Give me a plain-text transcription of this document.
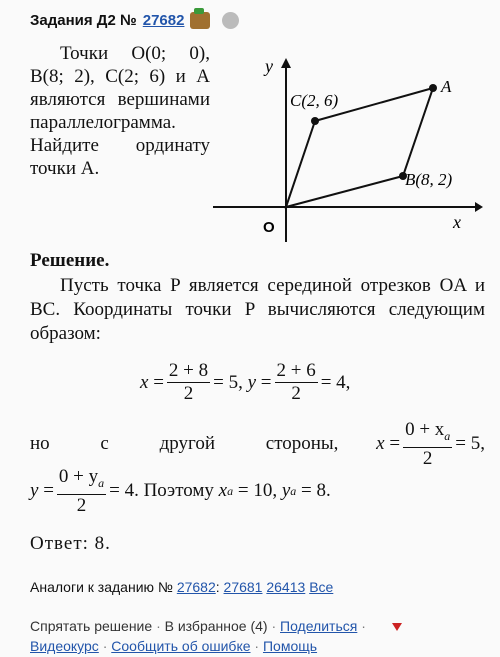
Задания Д2 № 27682

Точки O(0; 0), B(8; 2), C(2; 6) и A являются вершинами параллелограмма. Найдите ординату точки A.

C(2, 6)
A
B(8, 2)
O	x
y
Решение.

Пусть точка P является серединой отрезков OA и BC. Координаты точки P вычисляются следующим образом:

$x = \frac{2 + 8}{2} = 5$,
$y = \frac{2 + 6}{2} = 4$,
но с другой стороны, $x = \frac{0 + x_a}{2} = 5$,
$y = \frac{0 + y_a}{2} = 4$. Поэтому
x a
= 10,
y a
= 8.
Ответ: 8.
Аналоги к заданию № 27682: 27681 26413 Все
Спрятать решение · В избранное (4) · Поделиться ·
Видеокурс · Сообщить об ошибке · Помощь
